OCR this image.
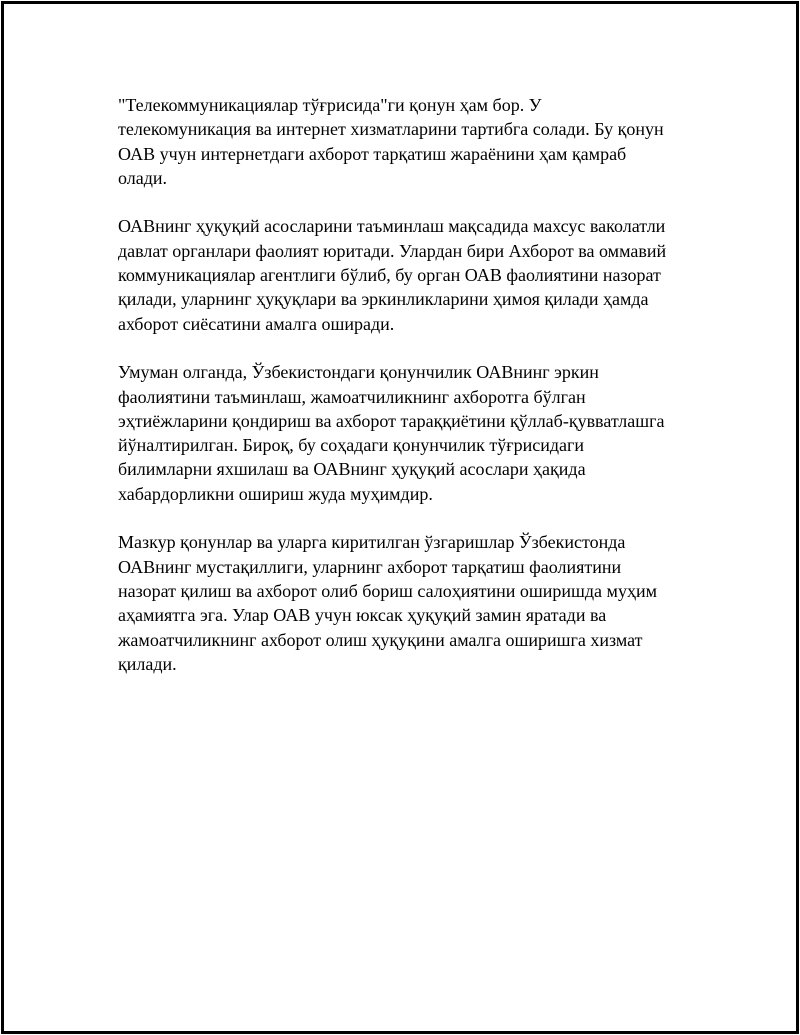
"Телекоммуникациялар тўғрисида"ги қонун ҳам бор. У
телекомуникация ва интернет хизматларини тартибга солади. Бу қонун
ОАВ учун интернетдаги ахборот тарқатиш жараёнини ҳам қамраб
олади.

ОАВнинг ҳуқуқий асосларини таъминлаш мақсадида махсус ваколатли
давлат органлари фаолият юритади. Улардан бири Ахборот ва оммавий
коммуникациялар агентлиги бўлиб, бу орган ОАВ фаолиятини назорат
қилади, уларнинг ҳуқуқлари ва эркинликларини ҳимоя қилади ҳамда
ахборот сиёсатини амалга оширади.

Умуман олганда, Ўзбекистондаги қонунчилик ОАВнинг эркин
фаолиятини таъминлаш, жамоатчиликнинг ахборотга бўлган
эҳтиёжларини қондириш ва ахборот тараққиётини қўллаб-қувватлашга
йўналтирилган. Бироқ, бу соҳадаги қонунчилик тўғрисидаги
билимларни яхшилаш ва ОАВнинг ҳуқуқий асослари ҳақида
хабардорликни ошириш жуда муҳимдир.

Мазкур қонунлар ва уларга киритилган ўзгаришлар Ўзбекистонда
ОАВнинг мустақиллиги, уларнинг ахборот тарқатиш фаолиятини
назорат қилиш ва ахборот олиб бориш салоҳиятини оширишда муҳим
аҳамиятга эга. Улар ОАВ учун юксак ҳуқуқий замин яратади ва
жамоатчиликнинг ахборот олиш ҳуқуқини амалга оширишга хизмат
қилади.
